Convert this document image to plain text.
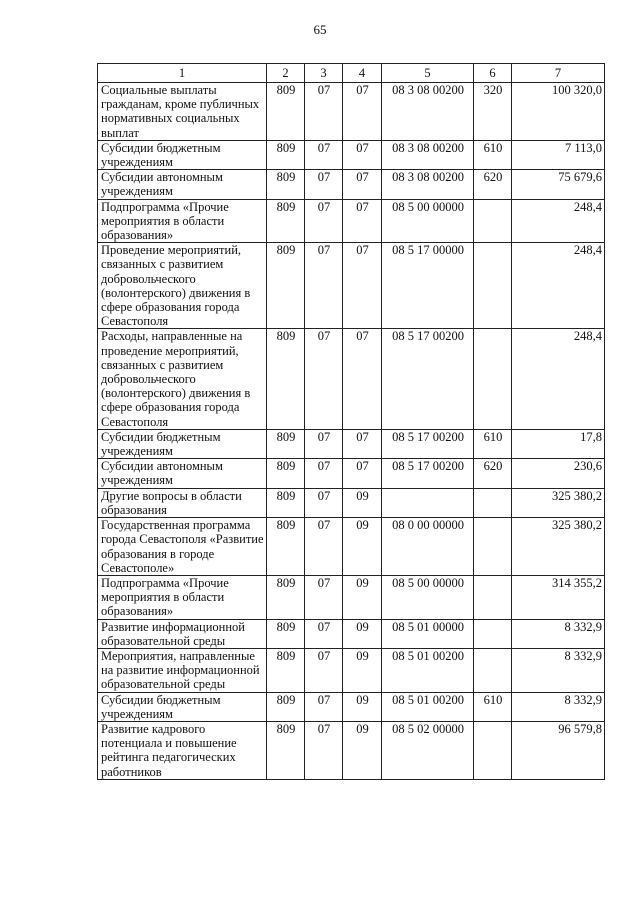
65
1	2	3	4	5	6	7
Социальные выплаты гражданам, кроме публичных нормативных социальных выплат	809	07	07	08 3 08 00200	320	100 320,0
Субсидии бюджетным учреждениям	809	07	07	08 3 08 00200	610	7 113,0
Субсидии автономным учреждениям	809	07	07	08 3 08 00200	620	75 679,6
Подпрограмма «Прочие мероприятия в области образования»	809	07	07	08 5 00 00000		248,4
Проведение мероприятий, связанных с развитием добровольческого (волонтерского) движения в сфере образования города Севастополя	809	07	07	08 5 17 00000		248,4
Расходы, направленные на проведение мероприятий, связанных с развитием добровольческого (волонтерского) движения в сфере образования города Севастополя	809	07	07	08 5 17 00200		248,4
Субсидии бюджетным учреждениям	809	07	07	08 5 17 00200	610	17,8
Субсидии автономным учреждениям	809	07	07	08 5 17 00200	620	230,6
Другие вопросы в области образования	809	07	09			325 380,2
Государственная программа города Севастополя «Развитие образования в городе Севастополе»	809	07	09	08 0 00 00000		325 380,2
Подпрограмма «Прочие мероприятия в области образования»	809	07	09	08 5 00 00000		314 355,2
Развитие информационной образовательной среды	809	07	09	08 5 01 00000		8 332,9
Мероприятия, направленные на развитие информационной образовательной среды	809	07	09	08 5 01 00200		8 332,9
Субсидии бюджетным учреждениям	809	07	09	08 5 01 00200	610	8 332,9
Развитие кадрового потенциала и повышение рейтинга педагогических работников	809	07	09	08 5 02 00000		96 579,8
